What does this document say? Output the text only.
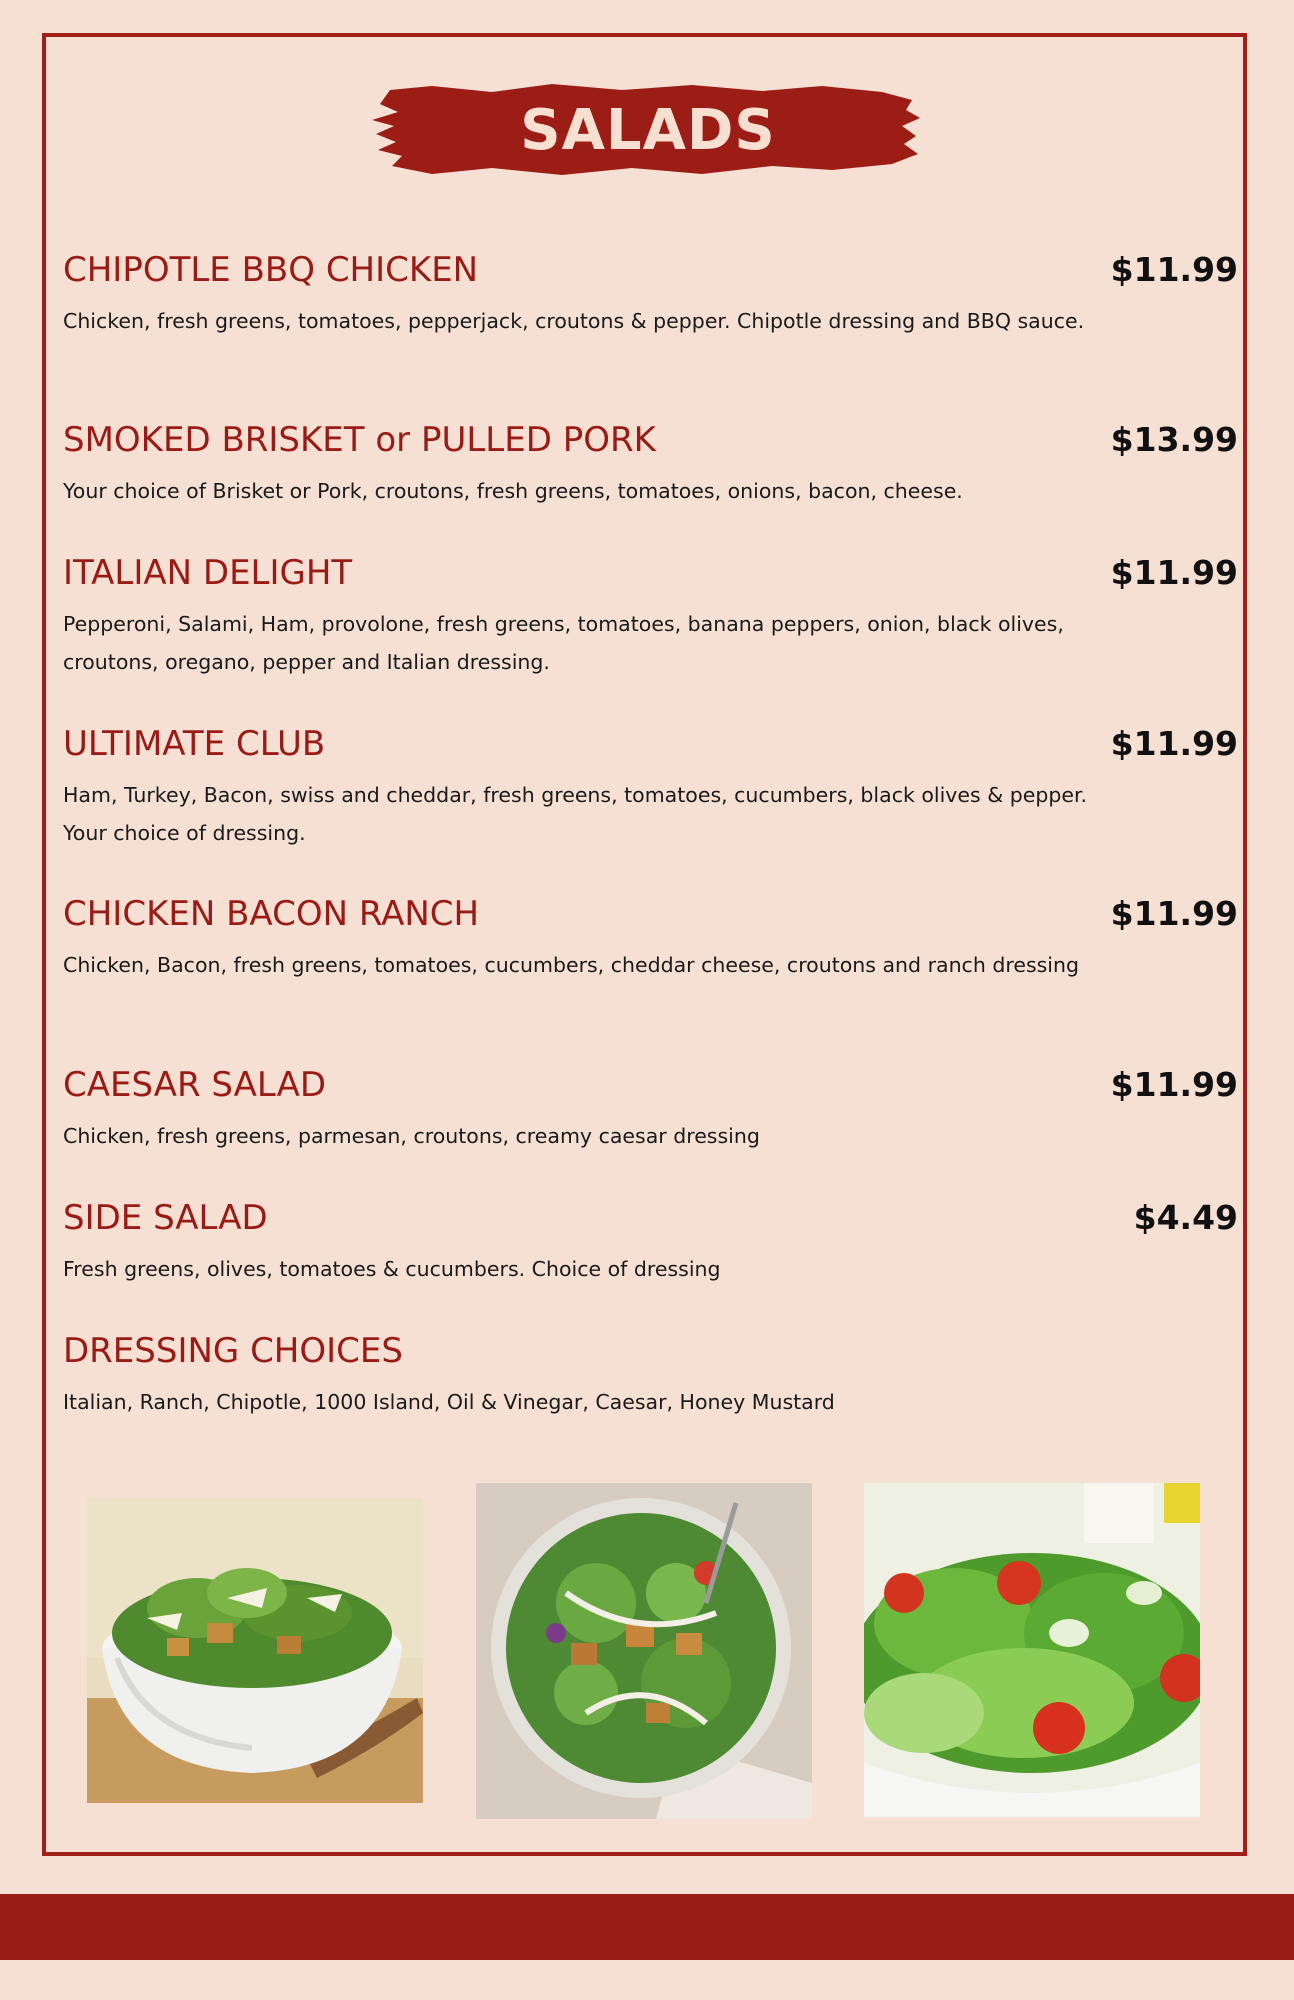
SALADS
CHIPOTLE BBQ CHICKEN	$11.99
Chicken, fresh greens, tomatoes, pepperjack, croutons & pepper. Chipotle dressing and BBQ sauce.
SMOKED BRISKET or PULLED PORK	$13.99
Your choice of Brisket or Pork, croutons, fresh greens, tomatoes, onions, bacon, cheese.
ITALIAN DELIGHT	$11.99
Pepperoni, Salami, Ham, provolone, fresh greens, tomatoes, banana peppers, onion, black olives, croutons, oregano, pepper and Italian dressing.
ULTIMATE CLUB	$11.99
Ham, Turkey, Bacon, swiss and cheddar, fresh greens, tomatoes, cucumbers, black olives & pepper. Your choice of dressing.
CHICKEN BACON RANCH	$11.99
Chicken, Bacon, fresh greens, tomatoes, cucumbers, cheddar cheese, croutons and ranch dressing
CAESAR SALAD	$11.99
Chicken, fresh greens, parmesan, croutons, creamy caesar dressing
SIDE SALAD	$4.49
Fresh greens, olives, tomatoes & cucumbers. Choice of dressing
DRESSING CHOICES
Italian, Ranch, Chipotle, 1000 Island, Oil & Vinegar, Caesar, Honey Mustard
